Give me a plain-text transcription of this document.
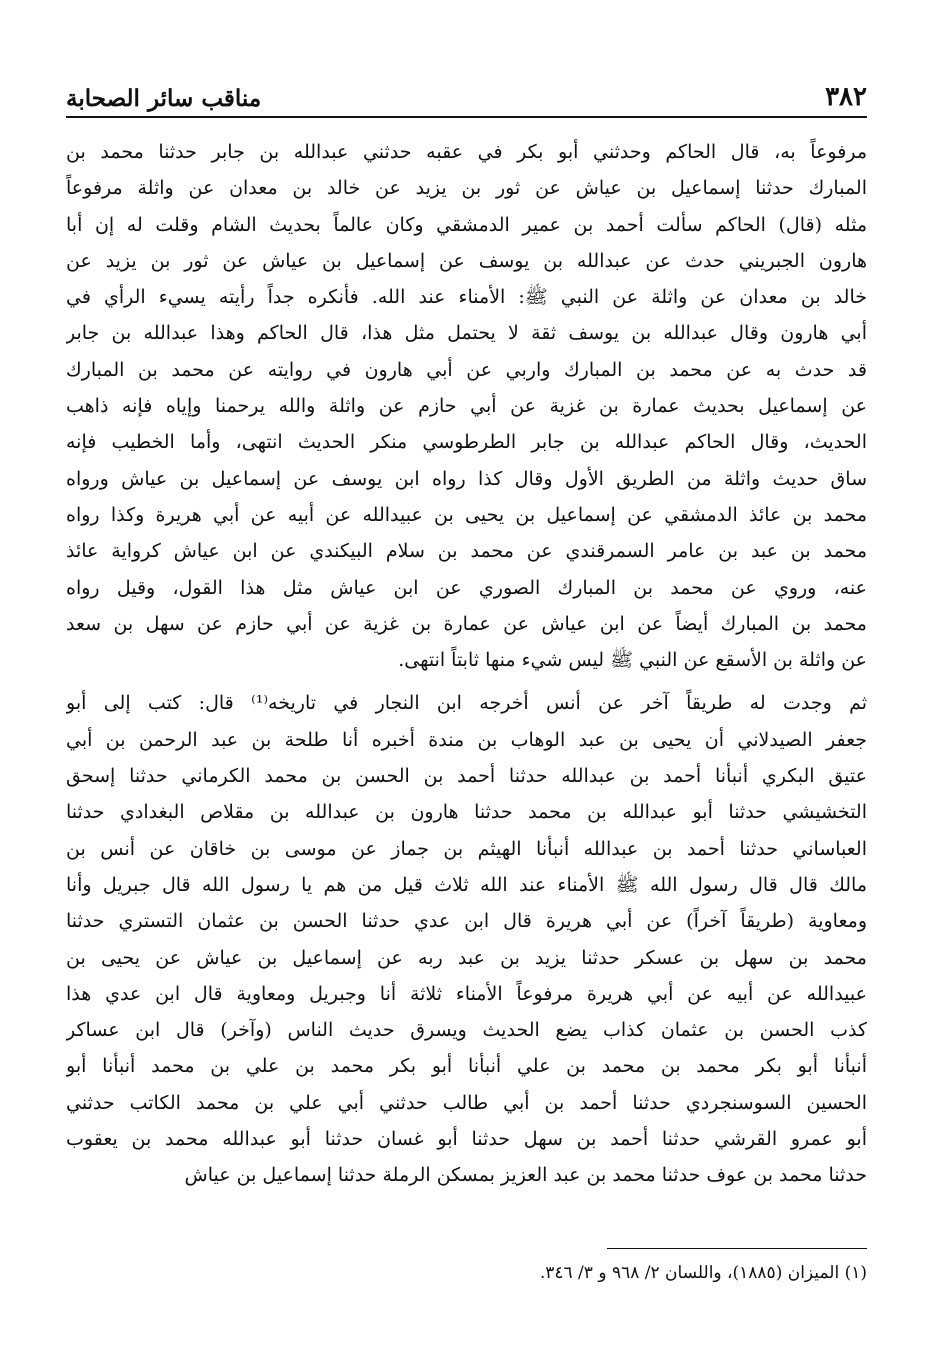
٣٨٢
مناقب سائر الصحابة
مرفوعاً به، قال الحاكم وحدثني أبو بكر في عقبه حدثني عبدالله بن جابر حدثنا محمد بن
المبارك حدثنا إسماعيل بن عياش عن ثور بن يزيد عن خالد بن معدان عن واثلة مرفوعاً
مثله (قال) الحاكم سألت أحمد بن عمير الدمشقي وكان عالماً بحديث الشام وقلت له إن أبا
هارون الجبريني حدث عن عبدالله بن يوسف عن إسماعيل بن عياش عن ثور بن يزيد عن
خالد بن معدان عن واثلة عن النبي ﷺ: الأمناء عند الله. فأنكره جداً رأيته يسيء الرأي في
أبي هارون وقال عبدالله بن يوسف ثقة لا يحتمل مثل هذا، قال الحاكم وهذا عبدالله بن جابر
قد حدث به عن محمد بن المبارك واربي عن أبي هارون في روايته عن محمد بن المبارك
عن إسماعيل بحديث عمارة بن غزية عن أبي حازم عن واثلة والله يرحمنا وإياه فإنه ذاهب
الحديث، وقال الحاكم عبدالله بن جابر الطرطوسي منكر الحديث انتهى، وأما الخطيب فإنه
ساق حديث واثلة من الطريق الأول وقال كذا رواه ابن يوسف عن إسماعيل بن عياش ورواه
محمد بن عائذ الدمشقي عن إسماعيل بن يحيى بن عبيدالله عن أبيه عن أبي هريرة وكذا رواه
محمد بن عبد بن عامر السمرقندي عن محمد بن سلام البيكندي عن ابن عياش كرواية عائذ
عنه، وروي عن محمد بن المبارك الصوري عن ابن عياش مثل هذا القول، وقيل رواه
محمد بن المبارك أيضاً عن ابن عياش عن عمارة بن غزية عن أبي حازم عن سهل بن سعد
عن واثلة بن الأسقع عن النبي ﷺ ليس شيء منها ثابتاً انتهى.
ثم وجدت له طريقاً آخر عن أنس أخرجه ابن النجار في تاريخه⁽¹⁾ قال: كتب إلى أبو
جعفر الصيدلاني أن يحيى بن عبد الوهاب بن مندة أخبره أنا طلحة بن عبد الرحمن بن أبي
عتيق البكري أنبأنا أحمد بن عبدالله حدثنا أحمد بن الحسن بن محمد الكرماني حدثنا إسحق
التخشيشي حدثنا أبو عبدالله بن محمد حدثنا هارون بن عبدالله بن مقلاص البغدادي حدثنا
العباساني حدثنا أحمد بن عبدالله أنبأنا الهيثم بن جماز عن موسى بن خاقان عن أنس بن
مالك قال قال رسول الله ﷺ الأمناء عند الله ثلاث قيل من هم يا رسول الله قال جبريل وأنا
ومعاوية (طريقاً آخراً) عن أبي هريرة قال ابن عدي حدثنا الحسن بن عثمان التستري حدثنا
محمد بن سهل بن عسكر حدثنا يزيد بن عبد ربه عن إسماعيل بن عياش عن يحيى بن
عبيدالله عن أبيه عن أبي هريرة مرفوعاً الأمناء ثلاثة أنا وجبريل ومعاوية قال ابن عدي هذا
كذب الحسن بن عثمان كذاب يضع الحديث ويسرق حديث الناس (وآخر) قال ابن عساكر
أنبأنا أبو بكر محمد بن محمد بن علي أنبأنا أبو بكر محمد بن علي بن محمد أنبأنا أبو
الحسين السوسنجردي حدثنا أحمد بن أبي طالب حدثني أبي علي بن محمد الكاتب حدثني
أبو عمرو القرشي حدثنا أحمد بن سهل حدثنا أبو غسان حدثنا أبو عبدالله محمد بن يعقوب
حدثنا محمد بن عوف حدثنا محمد بن عبد العزيز بمسكن الرملة حدثنا إسماعيل بن عياش
(١) الميزان (١٨٨٥)، واللسان ٢/ ٩٦٨ و ٣/ ٣٤٦.
